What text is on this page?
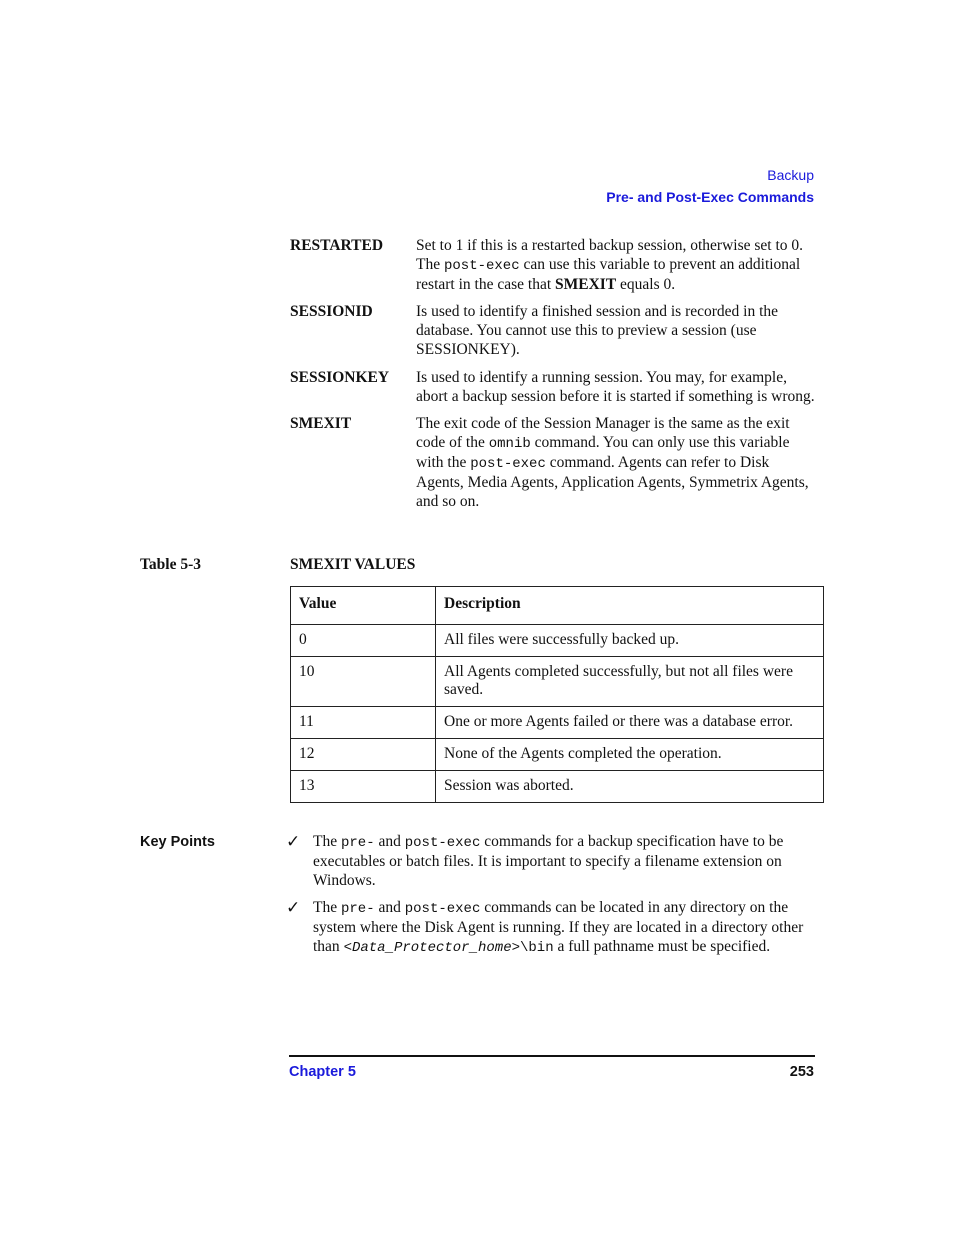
Backup
Pre- and Post-Exec Commands
RESTARTED	Set to 1 if this is a restarted backup session, otherwise set to 0. The post-exec can use this variable to prevent an additional restart in the case that SMEXIT equals 0.
SESSIONID	Is used to identify a finished session and is recorded in the database. You cannot use this to preview a session (use SESSIONKEY).
SESSIONKEY	Is used to identify a running session. You may, for example, abort a backup session before it is started if something is wrong.
SMEXIT	The exit code of the Session Manager is the same as the exit code of the omnib command. You can only use this variable with the post-exec command. Agents can refer to Disk Agents, Media Agents, Application Agents, Symmetrix Agents, and so on.
Table 5-3	SMEXIT VALUES
Value	Description
0	All files were successfully backed up.
10	All Agents completed successfully, but not all files were saved.
11	One or more Agents failed or there was a database error.
12	None of the Agents completed the operation.
13	Session was aborted.
Key Points	✓ The pre- and post-exec commands for a backup specification have to be executables or batch files. It is important to specify a filename extension on Windows.
✓ The pre- and post-exec commands can be located in any directory on the system where the Disk Agent is running. If they are located in a directory other than <Data_Protector_home>\bin a full pathname must be specified.
Chapter 5	253
